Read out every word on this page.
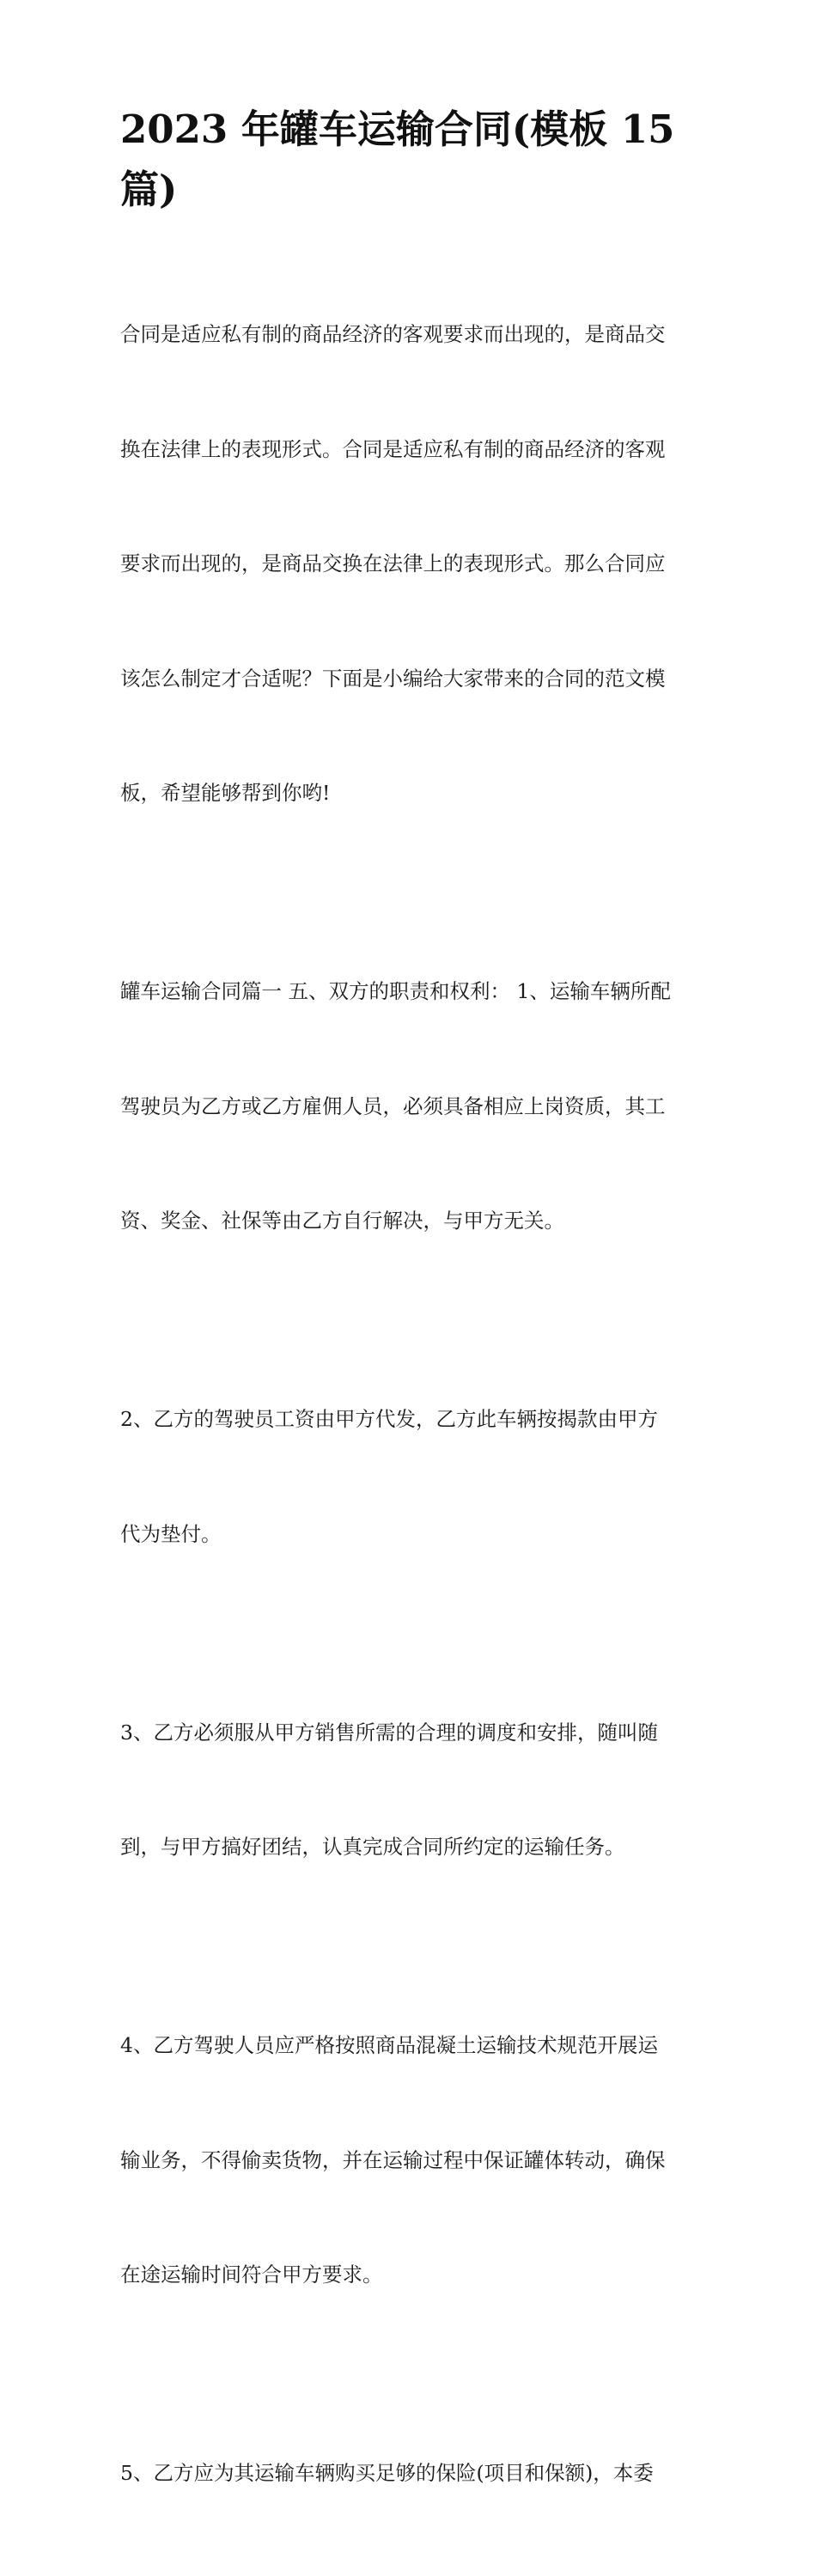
2023 年罐车运输合同(模板 15
篇)

合同是适应私有制的商品经济的客观要求而出现的，是商品交

换在法律上的表现形式。合同是适应私有制的商品经济的客观

要求而出现的，是商品交换在法律上的表现形式。那么合同应

该怎么制定才合适呢？下面是小编给大家带来的合同的范文模

板，希望能够帮到你哟!

罐车运输合同篇一 五、双方的职责和权利： 1、运输车辆所配

驾驶员为乙方或乙方雇佣人员，必须具备相应上岗资质，其工

资、奖金、社保等由乙方自行解决，与甲方无关。

2、乙方的驾驶员工资由甲方代发，乙方此车辆按揭款由甲方

代为垫付。

3、乙方必须服从甲方销售所需的合理的调度和安排，随叫随

到，与甲方搞好团结，认真完成合同所约定的运输任务。

4、乙方驾驶人员应严格按照商品混凝土运输技术规范开展运

输业务，不得偷卖货物，并在运输过程中保证罐体转动，确保

在途运输时间符合甲方要求。

5、乙方应为其运输车辆购买足够的保险(项目和保额)，本委
